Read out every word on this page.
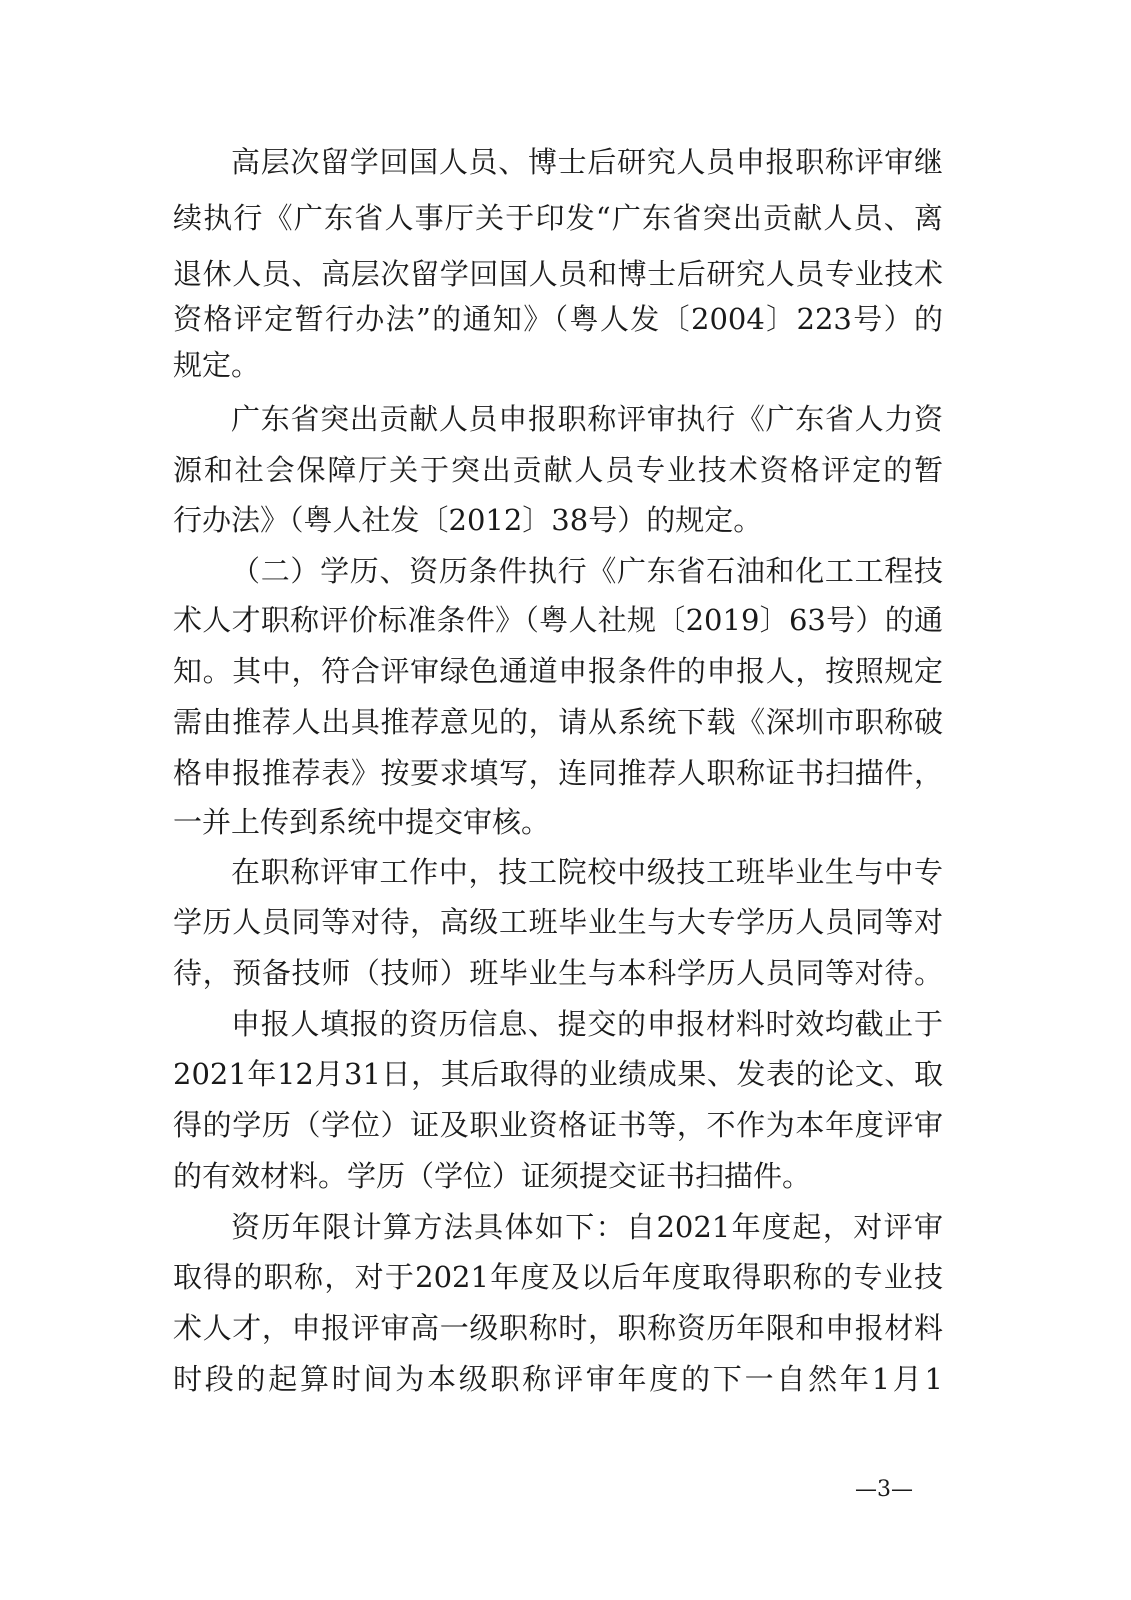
高层次留学回国人员、博士后研究人员申报职称评审继
续执行《广东省人事厅关于印发“广东省突出贡献人员、离
退休人员、高层次留学回国人员和博士后研究人员专业技术
资格评定暂行办法”的通知》（粤人发〔2004〕223号）的
规定。
广东省突出贡献人员申报职称评审执行《广东省人力资
源和社会保障厅关于突出贡献人员专业技术资格评定的暂
行办法》（粤人社发〔2012〕38号）的规定。
（二）学历、资历条件执行《广东省石油和化工工程技
术人才职称评价标准条件》（粤人社规〔2019〕63号）的通
知。其中，符合评审绿色通道申报条件的申报人，按照规定
需由推荐人出具推荐意见的，请从系统下载《深圳市职称破
格申报推荐表》按要求填写，连同推荐人职称证书扫描件，
一并上传到系统中提交审核。
在职称评审工作中，技工院校中级技工班毕业生与中专
学历人员同等对待，高级工班毕业生与大专学历人员同等对
待，预备技师（技师）班毕业生与本科学历人员同等对待。
申报人填报的资历信息、提交的申报材料时效均截止于
2021年12月31日，其后取得的业绩成果、发表的论文、取
得的学历（学位）证及职业资格证书等，不作为本年度评审
的有效材料。学历（学位）证须提交证书扫描件。
资历年限计算方法具体如下：自2021年度起，对评审
取得的职称，对于2021年度及以后年度取得职称的专业技
术人才，申报评审高一级职称时，职称资历年限和申报材料
时段的起算时间为本级职称评审年度的下一自然年1月1
—3—
